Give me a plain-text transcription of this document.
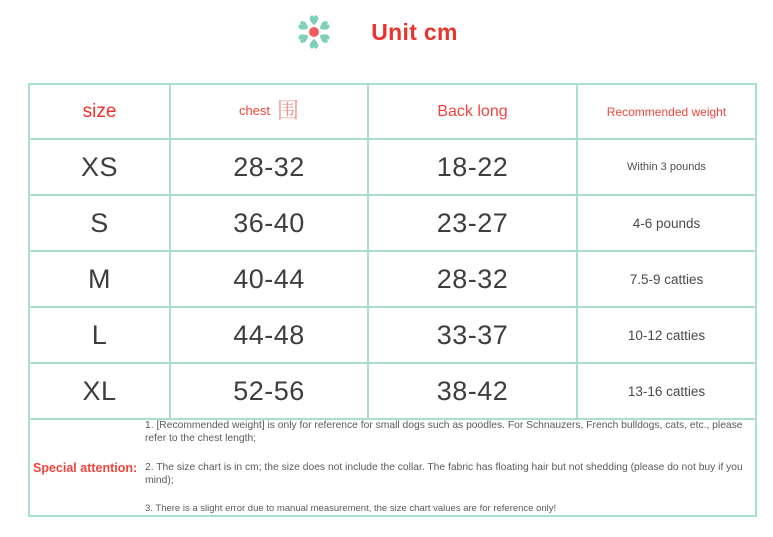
Unit cm
size	chest 围	Back long	Recommended weight
XS	28-32	18-22	Within 3 pounds
S	36-40	23-27	4-6 pounds
M	40-44	28-32	7.5-9 catties
L	44-48	33-37	10-12 catties
XL	52-56	38-42	13-16 catties

Special attention:

1. [Recommended weight] is only for reference for small dogs such as poodles. For Schnauzers, French bulldogs, cats, etc., please refer to the chest length;

2. The size chart is in cm; the size does not include the collar. The fabric has floating hair but not shedding (please do not buy if you mind);

3. There is a slight error due to manual measurement, the size chart values are for reference only!			
